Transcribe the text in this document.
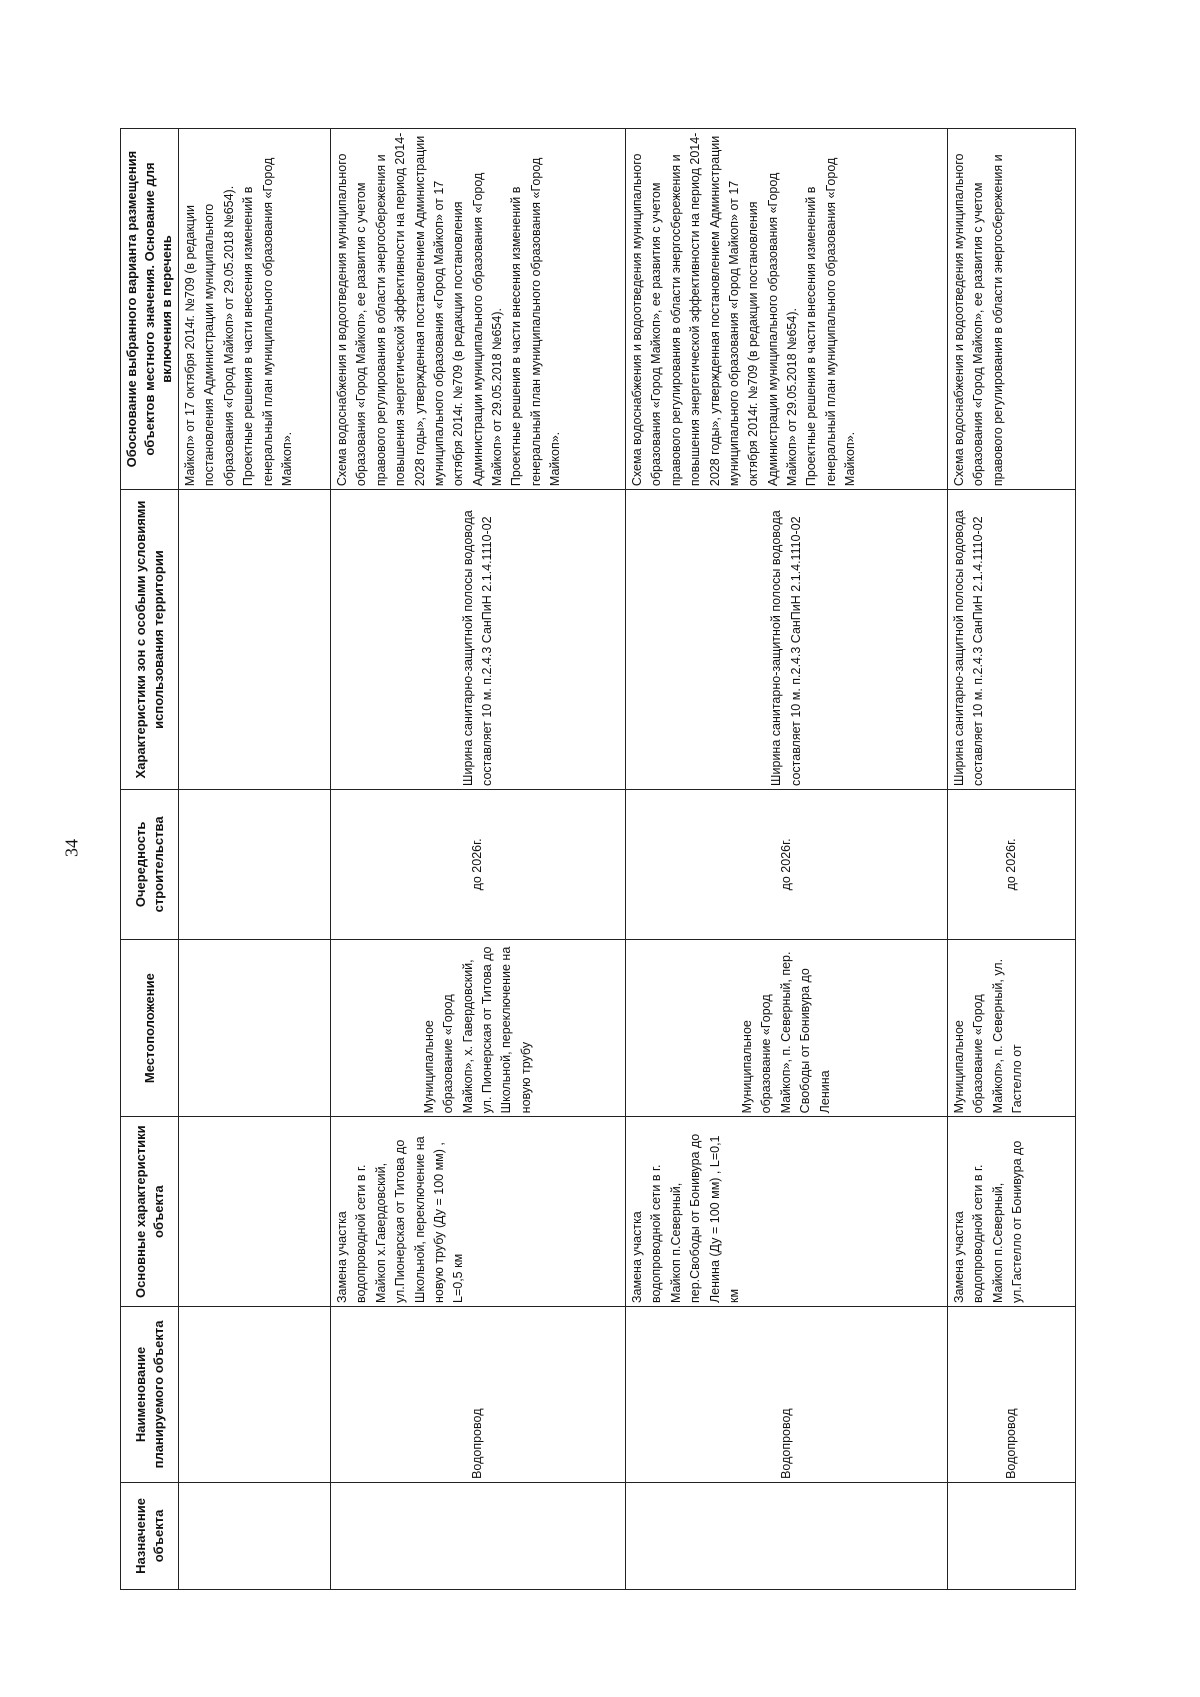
34
Назначение объекта	Наименование планируемого объекта	Основные характеристики объекта	Местоположение	Очередность строительства	Характеристики зон с особыми условиями использования территории	Обоснование выбранного варианта размещения объектов местного значения. Основание для включения в перечень
						Майкоп» от 17 октября 2014г. №709 (в редакции постановления Администрации муниципального образования «Город Майкоп» от 29.05.2018 №654).
Проектные решения в части внесения изменений в генеральный план муниципального образования «Город Майкоп».
	Водопровод	Замена участка водопроводной сети в г. Майкоп х.Гавердовский, ул.Пионерская от Титова до Школьной, переключение на новую трубу (Ду = 100 мм) , L=0,5 км	Муниципальное образование «Город Майкоп», х. Гавердовский, ул. Пионерская от Титова до Школьной, переключение на новую трубу	до 2026г.	Ширина санитарно-защитной полосы водовода составляет 10 м. п.2.4.3 СанПиН 2.1.4.1110-02	Схема водоснабжения и водоотведения муниципального образования «Город Майкоп», ее развития с учетом правового регулирования в области энергосбережения и повышения энергетической эффективности на период 2014-2028 годы», утвержденная постановлением Администрации муниципального образования «Город Майкоп» от 17 октября 2014г. №709 (в редакции постановления Администрации муниципального образования «Город Майкоп» от 29.05.2018 №654).
Проектные решения в части внесения изменений в генеральный план муниципального образования «Город Майкоп».
	Водопровод	Замена участка водопроводной сети в г. Майкоп п.Северный, пер.Свободы от Бонивура до Ленина (Ду = 100 мм) , L=0,1 км	Муниципальное образование «Город Майкоп», п. Северный, пер. Свободы от Бонивура до Ленина	до 2026г.	Ширина санитарно-защитной полосы водовода составляет 10 м. п.2.4.3 СанПиН 2.1.4.1110-02	Схема водоснабжения и водоотведения муниципального образования «Город Майкоп», ее развития с учетом правового регулирования в области энергосбережения и повышения энергетической эффективности на период 2014-2028 годы», утвержденная постановлением Администрации муниципального образования «Город Майкоп» от 17 октября 2014г. №709 (в редакции постановления Администрации муниципального образования «Город Майкоп» от 29.05.2018 №654).
Проектные решения в части внесения изменений в генеральный план муниципального образования «Город Майкоп».
	Водопровод	Замена участка водопроводной сети в г. Майкоп п.Северный, ул.Гастелло от Бонивура до	Муниципальное образование «Город Майкоп», п. Северный, ул. Гастелло от	до 2026г.	Ширина санитарно-защитной полосы водовода составляет 10 м. п.2.4.3 СанПиН 2.1.4.1110-02	Схема водоснабжения и водоотведения муниципального образования «Город Майкоп», ее развития с учетом правового регулирования в области энергосбережения и
